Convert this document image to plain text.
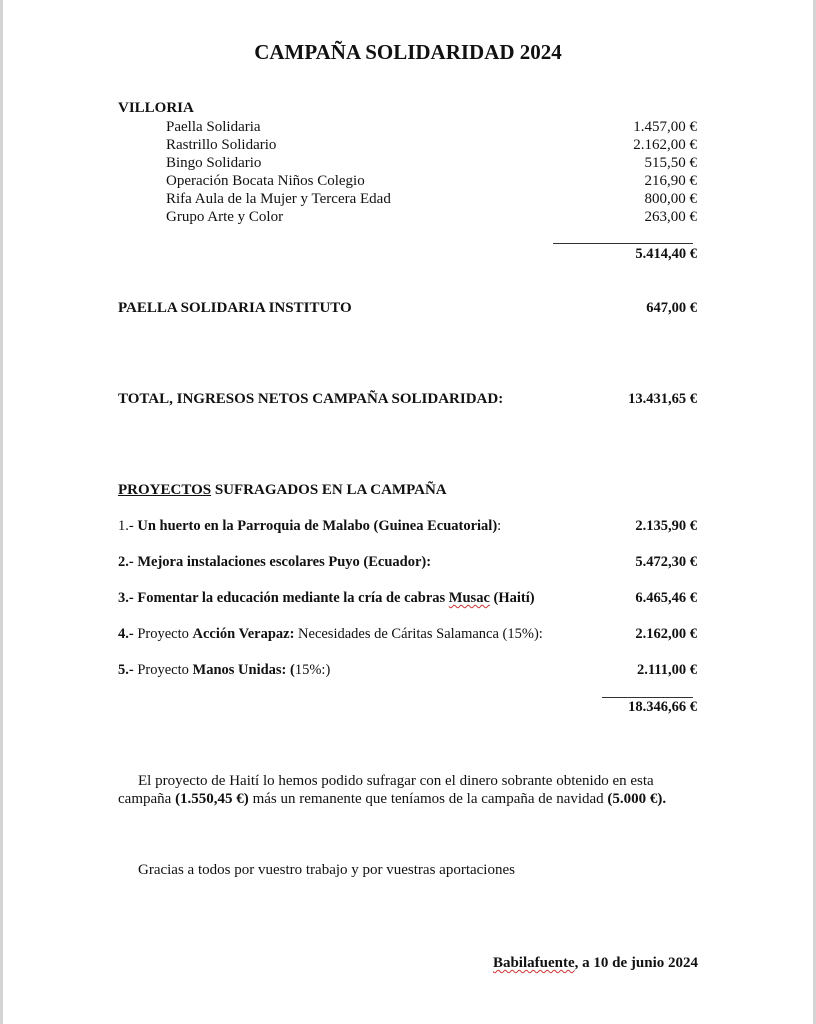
CAMPAÑA SOLIDARIDAD 2024
VILLORIA
Paella Solidaria	1.457,00 €
Rastrillo Solidario	2.162,00 €
Bingo Solidario	515,50 €
Operación Bocata Niños Colegio	216,90 €
Rifa Aula de la Mujer y Tercera Edad	800,00 €
Grupo Arte y Color	263,00 €
5.414,40 €
PAELLA SOLIDARIA INSTITUTO	647,00 €
TOTAL, INGRESOS NETOS CAMPAÑA SOLIDARIDAD:	13.431,65 €
PROYECTOS SUFRAGADOS EN LA CAMPAÑA
1.- Un huerto en la Parroquia de Malabo (Guinea Ecuatorial):	2.135,90 €
2.- Mejora instalaciones escolares Puyo (Ecuador):	5.472,30 €
3.- Fomentar la educación mediante la cría de cabras Musac (Haití)	6.465,46 €
4.- Proyecto Acción Verapaz: Necesidades de Cáritas Salamanca (15%):	2.162,00 €
5.- Proyecto Manos Unidas: (15%:)	2.111,00 €
18.346,66 €
El proyecto de Haití lo hemos podido sufragar con el dinero sobrante obtenido en esta campaña (1.550,45 €) más un remanente que teníamos de la campaña de navidad (5.000 €).
Gracias a todos por vuestro trabajo y por vuestras aportaciones
Babilafuente, a 10 de junio 2024
